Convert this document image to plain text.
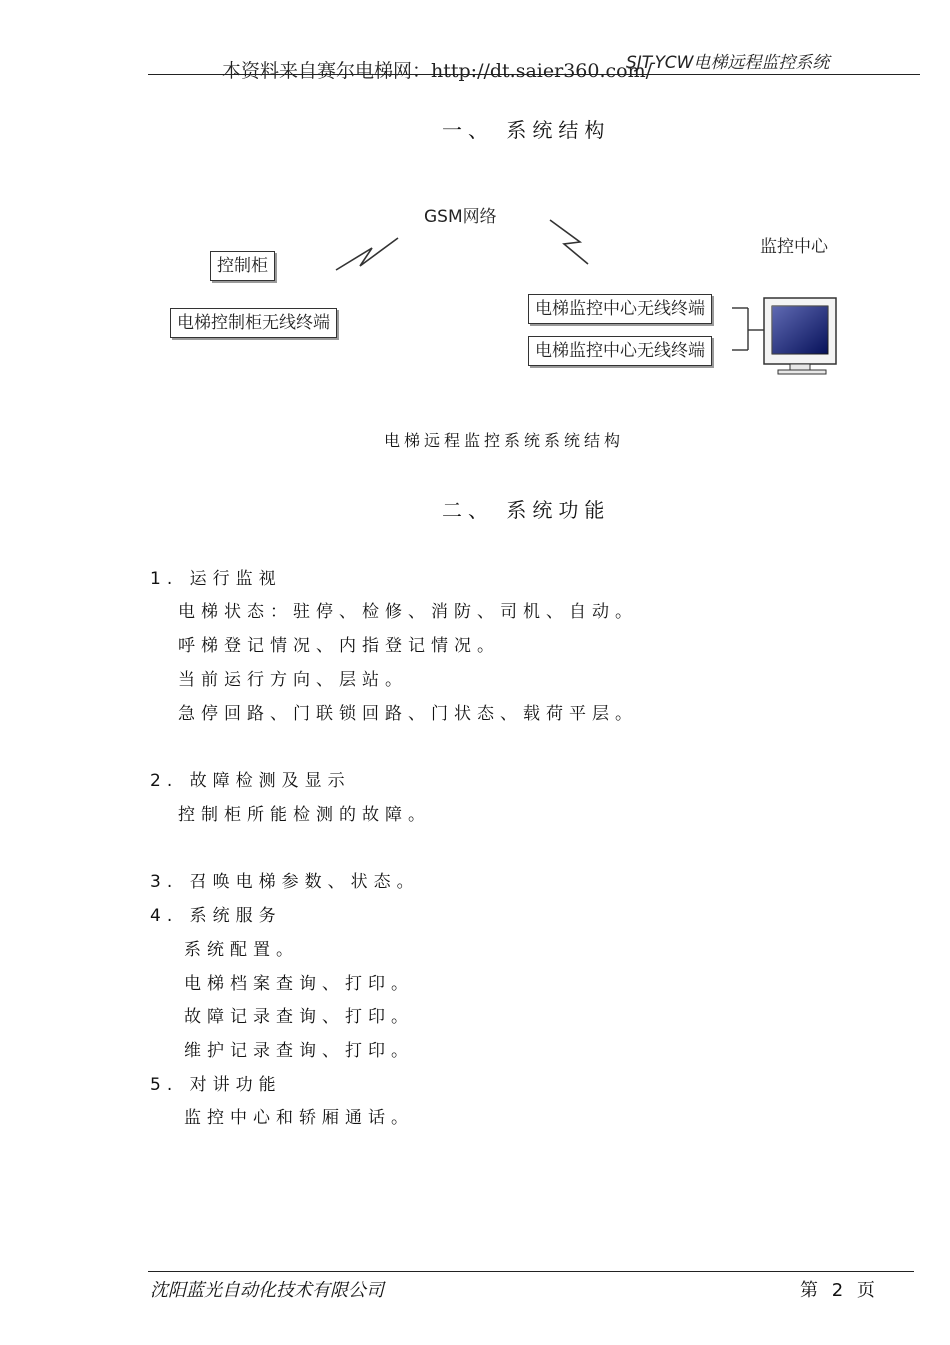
SJT-YCW电梯远程监控系统
本资料来自赛尔电梯网：http://dt.saier360.com/
一、 系统结构
GSM网络
控制柜
电梯控制柜无线终端
监控中心
电梯监控中心无线终端
电梯监控中心无线终端
电梯远程监控系统系统结构
二、 系统功能
1. 运行监视
电梯状态：驻停、检修、消防、司机、自动。
呼梯登记情况、内指登记情况。
当前运行方向、层站。
急停回路、门联锁回路、门状态、载荷平层。
2. 故障检测及显示
控制柜所能检测的故障。
3. 召唤电梯参数、状态。
4. 系统服务
系统配置。
电梯档案查询、打印。
故障记录查询、打印。
维护记录查询、打印。
5. 对讲功能
监控中心和轿厢通话。
沈阳蓝光自动化技术有限公司	第 2 页
